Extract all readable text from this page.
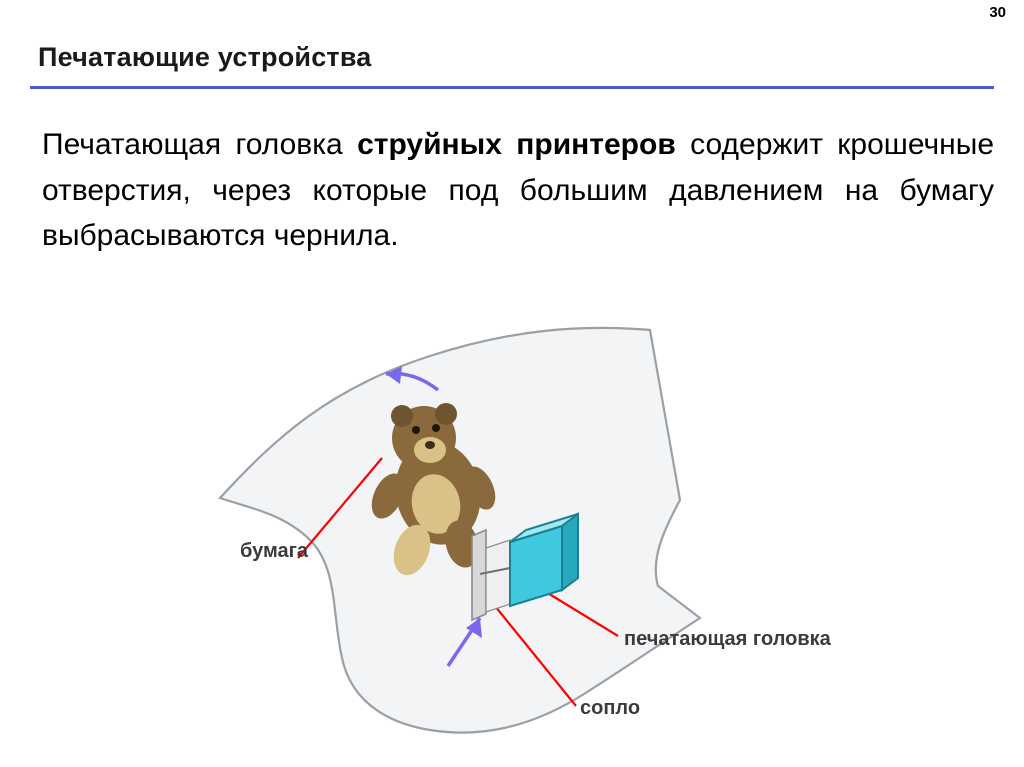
30
Печатающие устройства
Печатающая головка струйных принтеров содержит крошечные отверстия, через которые под большим давлением на бумагу выбрасываются чернила.
бумага
печатающая головка
сопло
